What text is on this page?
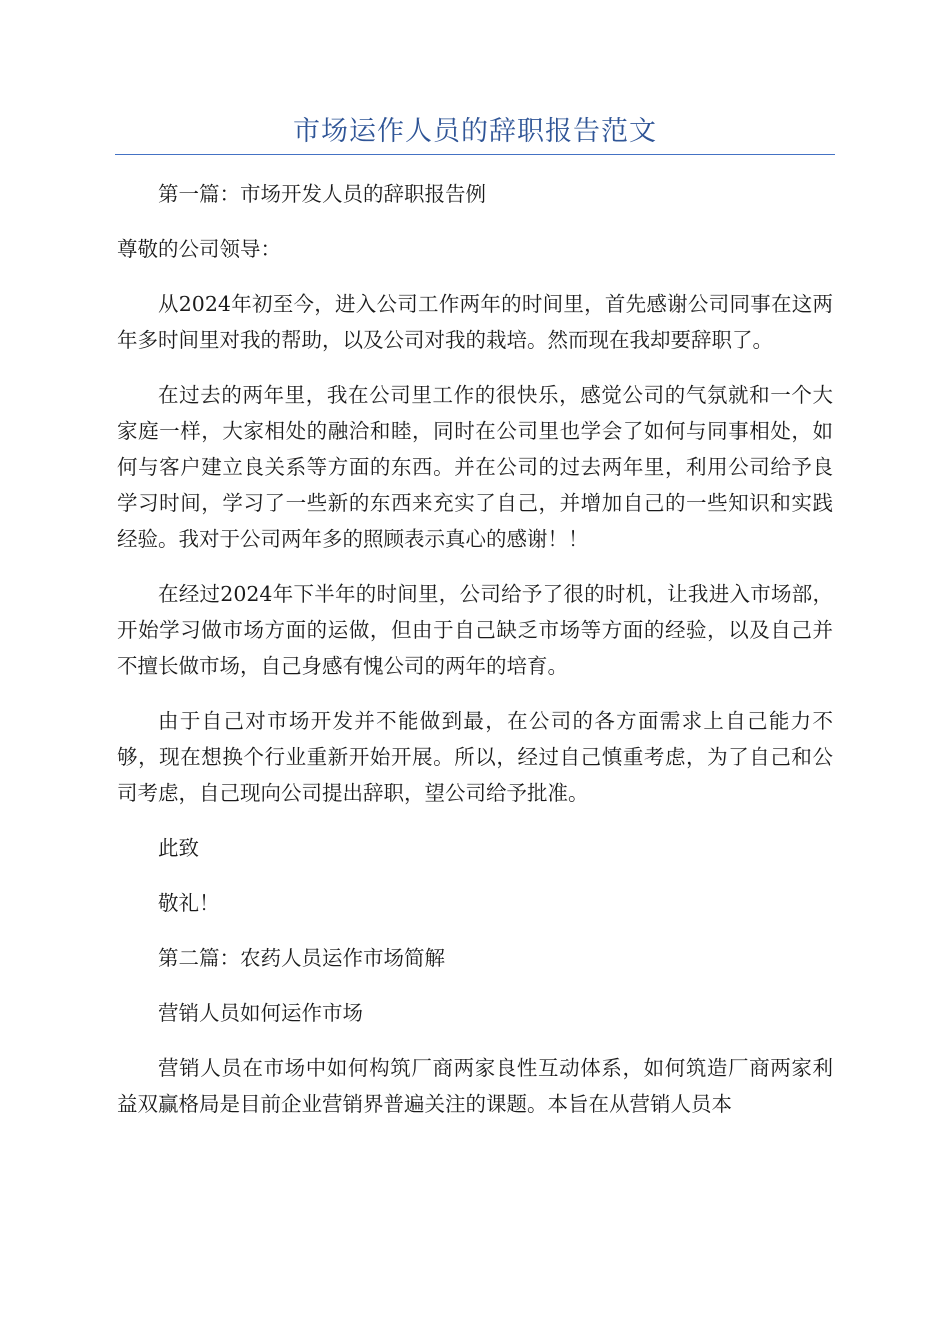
市场运作人员的辞职报告范文

第一篇：市场开发人员的辞职报告例

尊敬的公司领导：

从2024年初至今，进入公司工作两年的时间里，首先感谢公司同事在这两年多时间里对我的帮助，以及公司对我的栽培。然而现在我却要辞职了。

在过去的两年里，我在公司里工作的很快乐，感觉公司的气氛就和一个大家庭一样，大家相处的融洽和睦，同时在公司里也学会了如何与同事相处，如何与客户建立良关系等方面的东西。并在公司的过去两年里，利用公司给予良学习时间，学习了一些新的东西来充实了自己，并增加自己的一些知识和实践经验。我对于公司两年多的照顾表示真心的感谢！！

在经过2024年下半年的时间里，公司给予了很的时机，让我进入市场部，开始学习做市场方面的运做，但由于自己缺乏市场等方面的经验，以及自己并不擅长做市场，自己身感有愧公司的两年的培育。

由于自己对市场开发并不能做到最，在公司的各方面需求上自己能力不够，现在想换个行业重新开始开展。所以，经过自己慎重考虑，为了自己和公司考虑，自己现向公司提出辞职，望公司给予批准。

此致

敬礼！

第二篇：农药人员运作市场简解

营销人员如何运作市场

营销人员在市场中如何构筑厂商两家良性互动体系，如何筑造厂商两家利益双赢格局是目前企业营销界普遍关注的课题。本旨在从营销人员本
